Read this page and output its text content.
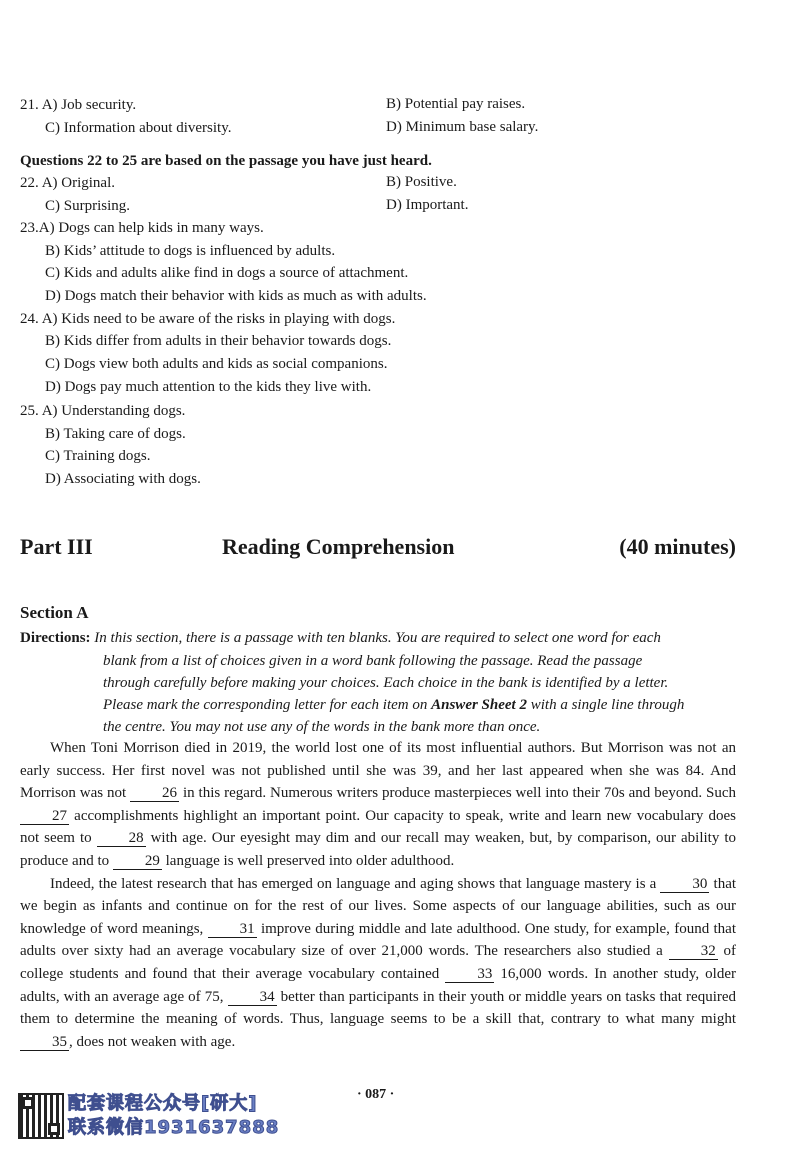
21. A) Job security.	B) Potential pay raises.
C) Information about diversity.	D) Minimum base salary.
Questions 22 to 25 are based on the passage you have just heard.
22. A) Original.	B) Positive.
C) Surprising.	D) Important.
23.A) Dogs can help kids in many ways.
B) Kids’ attitude to dogs is influenced by adults.
C) Kids and adults alike find in dogs a source of attachment.
D) Dogs match their behavior with kids as much as with adults.
24. A) Kids need to be aware of the risks in playing with dogs.
B) Kids differ from adults in their behavior towards dogs.
C) Dogs view both adults and kids as social companions.
D) Dogs pay much attention to the kids they live with.
25. A) Understanding dogs.
B) Taking care of dogs.
C) Training dogs.
D) Associating with dogs.
Part III	Reading Comprehension	(40 minutes)
Section A
Directions: In this section, there is a passage with ten blanks. You are required to select one word for each
blank from a list of choices given in a word bank following the passage. Read the passage
through carefully before making your choices. Each choice in the bank is identified by a letter.
Please mark the corresponding letter for each item on Answer Sheet 2 with a single line through
the centre. You may not use any of the words in the bank more than once.

When Toni Morrison died in 2019, the world lost one of its most influential authors. But Morrison was not an early success. Her first novel was not published until she was 39, and her last appeared when she was 84. And Morrison was not 26 in this regard. Numerous writers produce masterpieces well into their 70s and beyond. Such 27 accomplishments highlight an important point. Our capacity to speak, write and learn new vocabulary does not seem to 28 with age. Our eyesight may dim and our recall may weaken, but, by comparison, our ability to produce and to 29 language is well preserved into older adulthood.

Indeed, the latest research that has emerged on language and aging shows that language mastery is a 30 that we begin as infants and continue on for the rest of our lives. Some aspects of our language abilities, such as our knowledge of word meanings, 31 improve during middle and late adulthood. One study, for example, found that adults over sixty had an average vocabulary size of over 21,000 words. The researchers also studied a	32 of college students and found that their average vocabulary contained	33 16,000 words. In another study, older adults, with an average age of 75, 34 better than participants in their youth or middle years on tasks that required them to determine the meaning of words. Thus, language seems to be a skill that, contrary to what many might 35 , does not weaken with age.

· 087 ·
配套课程公众号[研大]
联系微信1931637888
